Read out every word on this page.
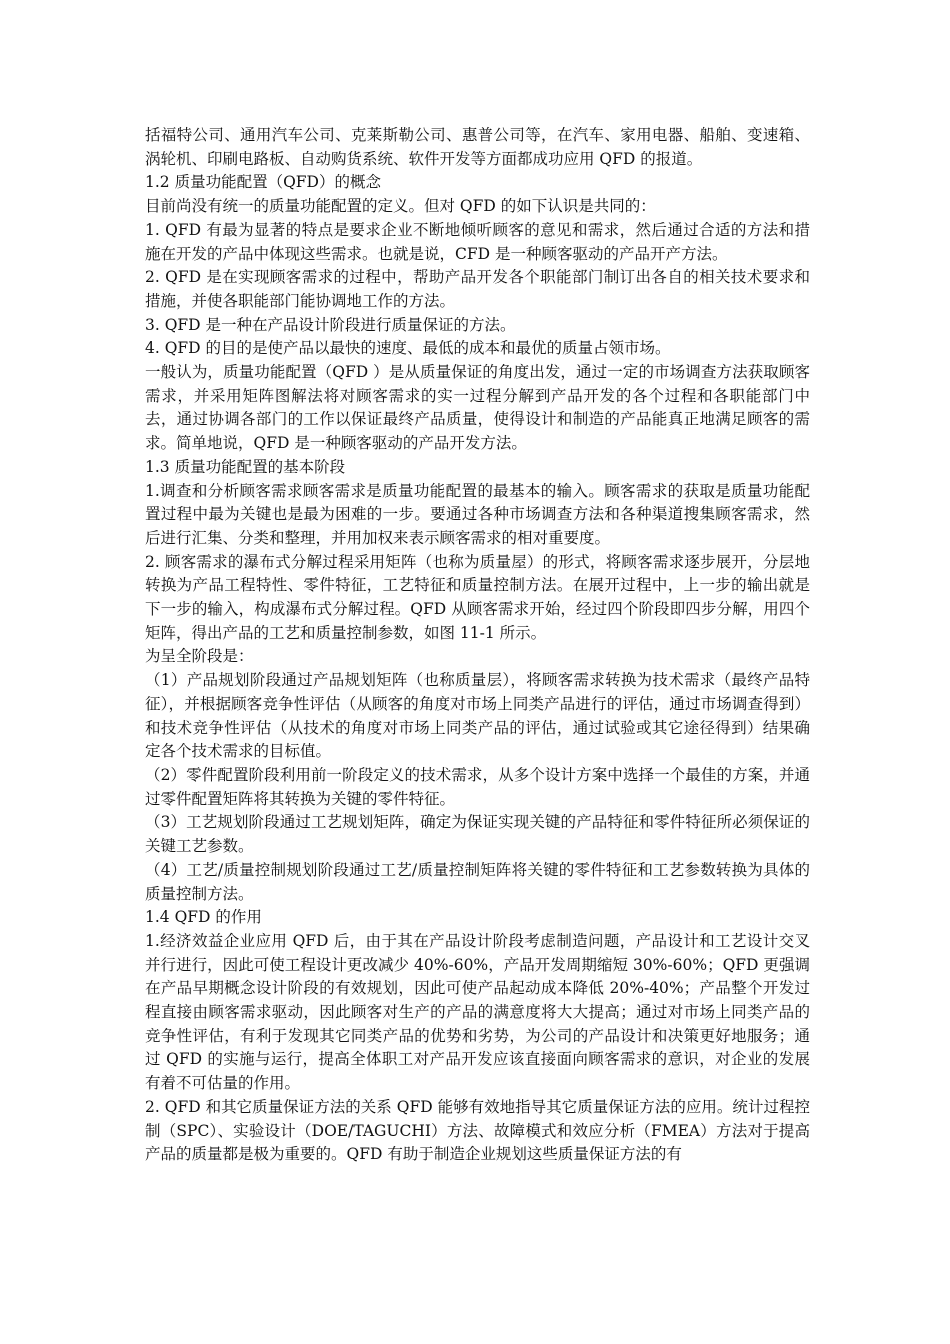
括福特公司、通用汽车公司、克莱斯勒公司、惠普公司等，在汽车、家用电器、船舶、变速箱、涡轮机、印刷电路板、自动购货系统、软件开发等方面都成功应用 QFD 的报道。

1.2 质量功能配置（QFD）的概念

目前尚没有统一的质量功能配置的定义。但对 QFD 的如下认识是共同的：

1. QFD 有最为显著的特点是要求企业不断地倾听顾客的意见和需求，然后通过合适的方法和措施在开发的产品中体现这些需求。也就是说，CFD 是一种顾客驱动的产品开产方法。

2. QFD 是在实现顾客需求的过程中，帮助产品开发各个职能部门制订出各自的相关技术要求和措施，并使各职能部门能协调地工作的方法。

3. QFD 是一种在产品设计阶段进行质量保证的方法。

4. QFD 的目的是使产品以最快的速度、最低的成本和最优的质量占领市场。

一般认为，质量功能配置（QFD ）是从质量保证的角度出发，通过一定的市场调查方法获取顾客需求，并采用矩阵图解法将对顾客需求的实一过程分解到产品开发的各个过程和各职能部门中去，通过协调各部门的工作以保证最终产品质量，使得设计和制造的产品能真正地满足顾客的需求。简单地说，QFD 是一种顾客驱动的产品开发方法。

1.3 质量功能配置的基本阶段

1.调查和分析顾客需求顾客需求是质量功能配置的最基本的输入。顾客需求的获取是质量功能配置过程中最为关键也是最为困难的一步。要通过各种市场调查方法和各种渠道搜集顾客需求，然后进行汇集、分类和整理，并用加权来表示顾客需求的相对重要度。

2. 顾客需求的瀑布式分解过程采用矩阵（也称为质量屋）的形式，将顾客需求逐步展开，分层地转换为产品工程特性、零件特征，工艺特征和质量控制方法。在展开过程中，上一步的输出就是下一步的输入，构成瀑布式分解过程。QFD 从顾客需求开始，经过四个阶段即四步分解，用四个矩阵，得出产品的工艺和质量控制参数，如图 11-1 所示。

为呈全阶段是：

（1）产品规划阶段通过产品规划矩阵（也称质量层），将顾客需求转换为技术需求（最终产品特征），并根据顾客竞争性评估（从顾客的角度对市场上同类产品进行的评估，通过市场调查得到）和技术竞争性评估（从技术的角度对市场上同类产品的评估，通过试验或其它途径得到）结果确定各个技术需求的目标值。

（2）零件配置阶段利用前一阶段定义的技术需求，从多个设计方案中选择一个最佳的方案，并通过零件配置矩阵将其转换为关键的零件特征。

（3）工艺规划阶段通过工艺规划矩阵，确定为保证实现关键的产品特征和零件特征所必须保证的关键工艺参数。

（4）工艺/质量控制规划阶段通过工艺/质量控制矩阵将关键的零件特征和工艺参数转换为具体的质量控制方法。

1.4 QFD 的作用

1.经济效益企业应用 QFD 后，由于其在产品设计阶段考虑制造问题，产品设计和工艺设计交叉并行进行，因此可使工程设计更改减少 40%-60%，产品开发周期缩短 30%-60%；QFD 更强调在产品早期概念设计阶段的有效规划，因此可使产品起动成本降低 20%-40%；产品整个开发过程直接由顾客需求驱动，因此顾客对生产的产品的满意度将大大提高；通过对市场上同类产品的竞争性评估，有利于发现其它同类产品的优势和劣势，为公司的产品设计和决策更好地服务；通过 QFD 的实施与运行，提高全体职工对产品开发应该直接面向顾客需求的意识，对企业的发展有着不可估量的作用。

2. QFD 和其它质量保证方法的关系 QFD 能够有效地指导其它质量保证方法的应用。统计过程控制（SPC）、实验设计（DOE/TAGUCHI）方法、故障模式和效应分析（FMEA）方法对于提高产品的质量都是极为重要的。QFD 有助于制造企业规划这些质量保证方法的有
